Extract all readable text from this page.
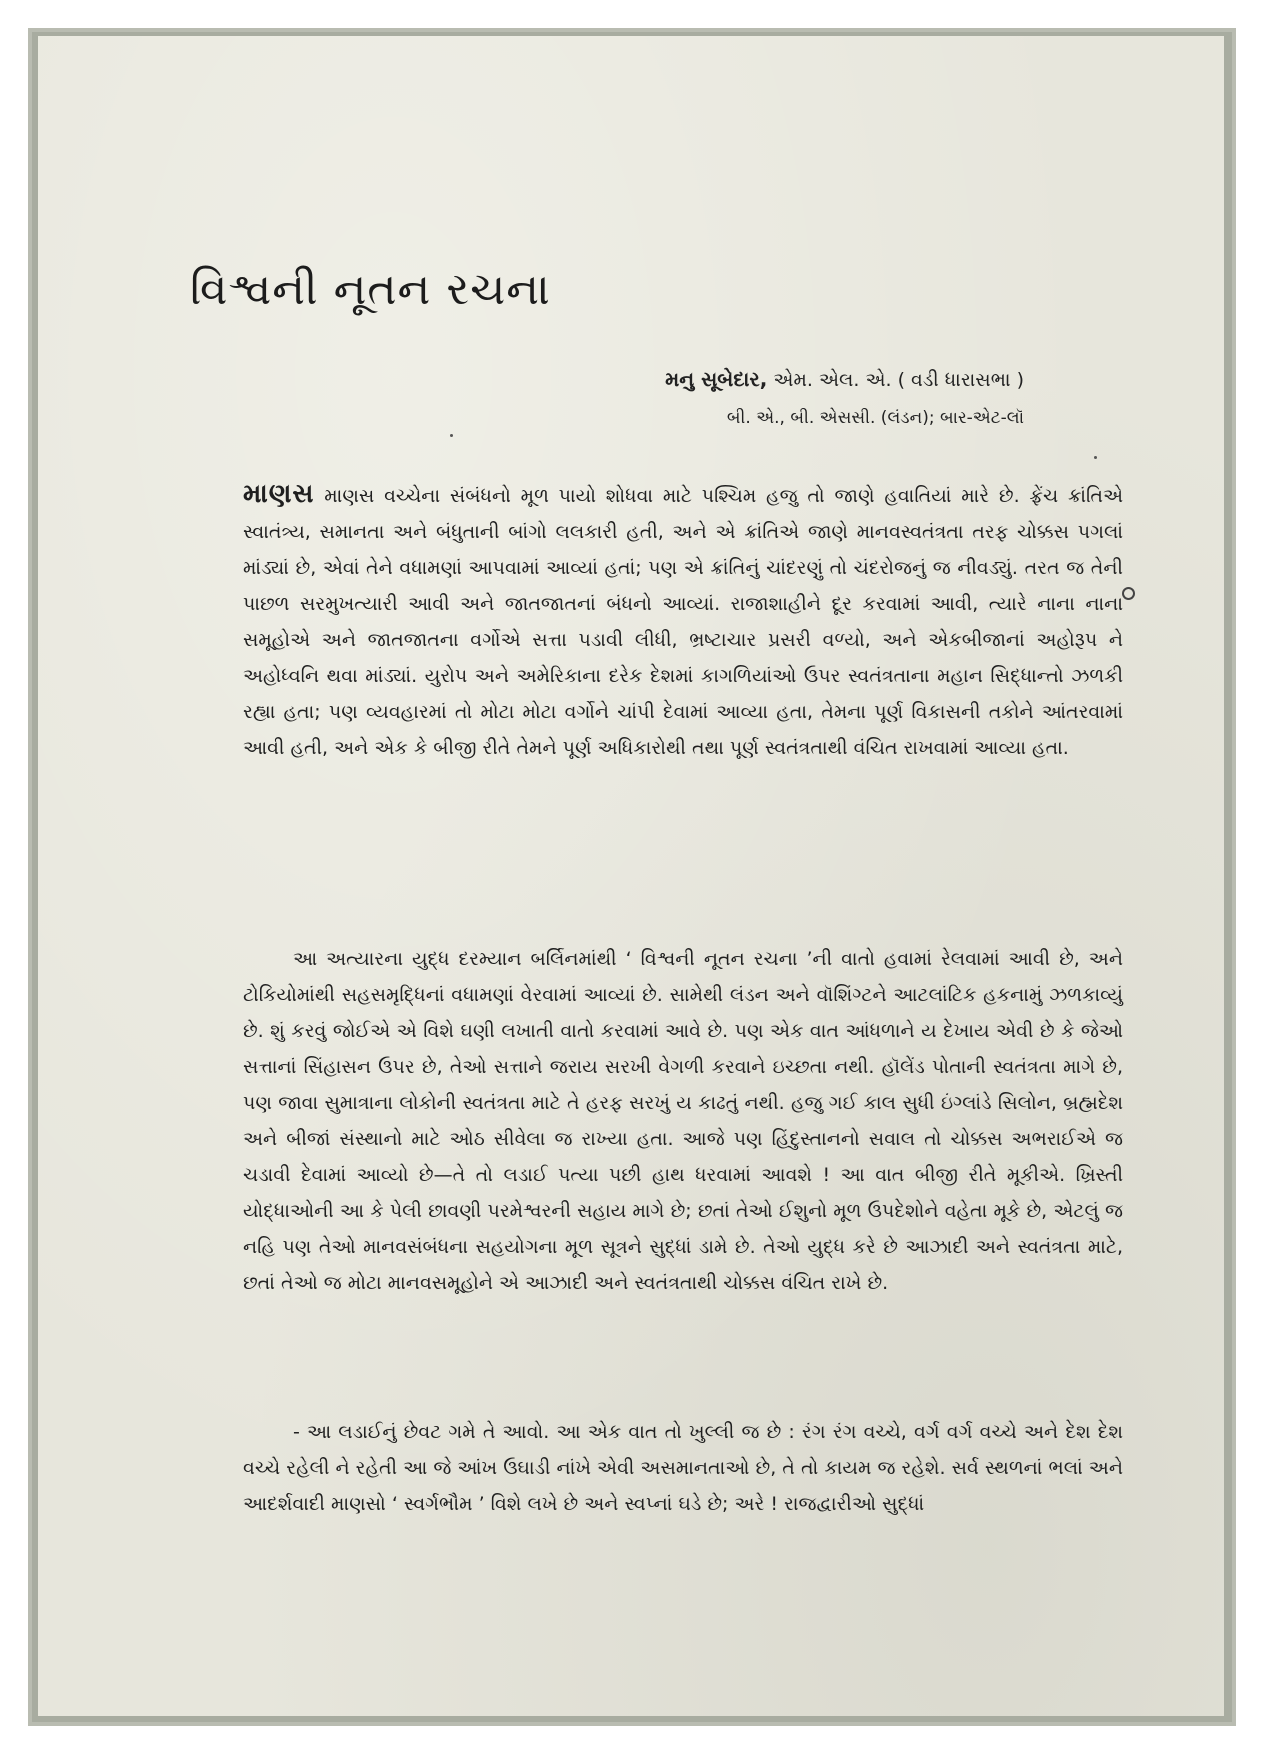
વિશ્વની નૂતન રચના
મનુ સૂબેદાર, એમ. એલ. એ. ( વડી ધારાસભા )
બી. એ., બી. એસસી. (લંડન); બાર-એટ-લૉ

માણસ માણસ વચ્ચેના સંબંધનો મૂળ પાયો શોધવા માટે પશ્ચિમ હજુ તો જાણે હવાતિયાં મારે છે. ફ્રેંચ ક્રાંતિએ સ્વાતંત્ર્ય, સમાનતા અને બંધુતાની બાંગો લલકારી હતી, અને એ ક્રાંતિએ જાણે માનવસ્વતંત્રતા તરફ ચોક્કસ પગલાં માંડ્યાં છે, એવાં તેને વધામણાં આપવામાં આવ્યાં હતાં; પણ એ ક્રાંતિનું ચાંદરણું તો ચંદરોજનું જ નીવડ્યું. તરત જ તેની પાછળ સરમુખત્યારી આવી અને જાતજાતનાં બંધનો આવ્યાં. રાજાશાહીને દૂર કરવામાં આવી, ત્યારે નાના નાના સમૂહોએ અને જાતજાતના વર્ગોએ સત્તા પડાવી લીધી, ભ્રષ્ટાચાર પ્રસરી વળ્યો, અને એકબીજાનાં અહોરૂપ ને અહોધ્વનિ થવા માંડ્યાં. યુરોપ અને અમેરિકાના દરેક દેશમાં કાગળિયાંઓ ઉપર સ્વતંત્રતાના મહાન સિદ્ધાન્તો ઝળકી રહ્યા હતા; પણ વ્યવહારમાં તો મોટા મોટા વર્ગોને ચાંપી દેવામાં આવ્યા હતા, તેમના પૂર્ણ વિકાસની તકોને આંતરવામાં આવી હતી, અને એક કે બીજી રીતે તેમને પૂર્ણ અધિકારોથી તથા પૂર્ણ સ્વતંત્રતાથી વંચિત રાખવામાં આવ્યા હતા.

આ અત્યારના યુદ્ધ દરમ્યાન બર્લિનમાંથી ‘ વિશ્વની નૂતન રચના ’ની વાતો હવામાં રેલવામાં આવી છે, અને ટોકિયોમાંથી સહસમૃદ્ધિનાં વધામણાં વેરવામાં આવ્યાં છે. સામેથી લંડન અને વૉશિંગ્ટને આટલાંટિક હકનામું ઝળકાવ્યું છે. શું કરવું જોઈએ એ વિશે ઘણી લખાતી વાતો કરવામાં આવે છે. પણ એક વાત આંધળાને ય દેખાય એવી છે કે જેઓ સત્તાનાં સિંહાસન ઉપર છે, તેઓ સત્તાને જરાય સરખી વેગળી કરવાને ઇચ્છતા નથી. હૉલેંડ પોતાની સ્વતંત્રતા માગે છે, પણ જાવા સુમાત્રાના લોકોની સ્વતંત્રતા માટે તે હરફ સરખું ય કાઢતું નથી. હજુ ગઈ કાલ સુધી ઇંગ્લાંડે સિલોન, બ્રહ્મદેશ અને બીજાં સંસ્થાનો માટે ઓઠ સીવેલા જ રાખ્યા હતા. આજે પણ હિંદુસ્તાનનો સવાલ તો ચોક્કસ અભરાઈએ જ ચડાવી દેવામાં આવ્યો છે—તે તો લડાઈ પત્યા પછી હાથ ધરવામાં આવશે ! આ વાત બીજી રીતે મૂકીએ. ખ્રિસ્તી યોદ્ધાઓની આ કે પેલી છાવણી પરમેશ્વરની સહાય માગે છે; છતાં તેઓ ઈશુનો મૂળ ઉપદેશોને વહેતા મૂકે છે, એટલું જ નહિ પણ તેઓ માનવસંબંધના સહયોગના મૂળ સૂત્રને સુદ્ધાં ડામે છે. તેઓ યુદ્ધ કરે છે આઝાદી અને સ્વતંત્રતા માટે, છતાં તેઓ જ મોટા માનવસમૂહોને એ આઝાદી અને સ્વતંત્રતાથી ચોક્કસ વંચિત રાખે છે.

- આ લડાઈનું છેવટ ગમે તે આવો. આ એક વાત તો ખુલ્લી જ છે : રંગ રંગ વચ્ચે, વર્ગ વર્ગ વચ્ચે અને દેશ દેશ વચ્ચે રહેલી ને રહેતી આ જે આંખ ઉઘાડી નાંખે એવી અસમાનતાઓ છે, તે તો કાયમ જ રહેશે. સર્વ સ્થળનાં ભલાં અને આદર્શવાદી માણસો ‘ સ્વર્ગભૌમ ’ વિશે લખે છે અને સ્વપ્નાં ઘડે છે; અરે ! રાજદ્વારીઓ સુદ્ધાં
